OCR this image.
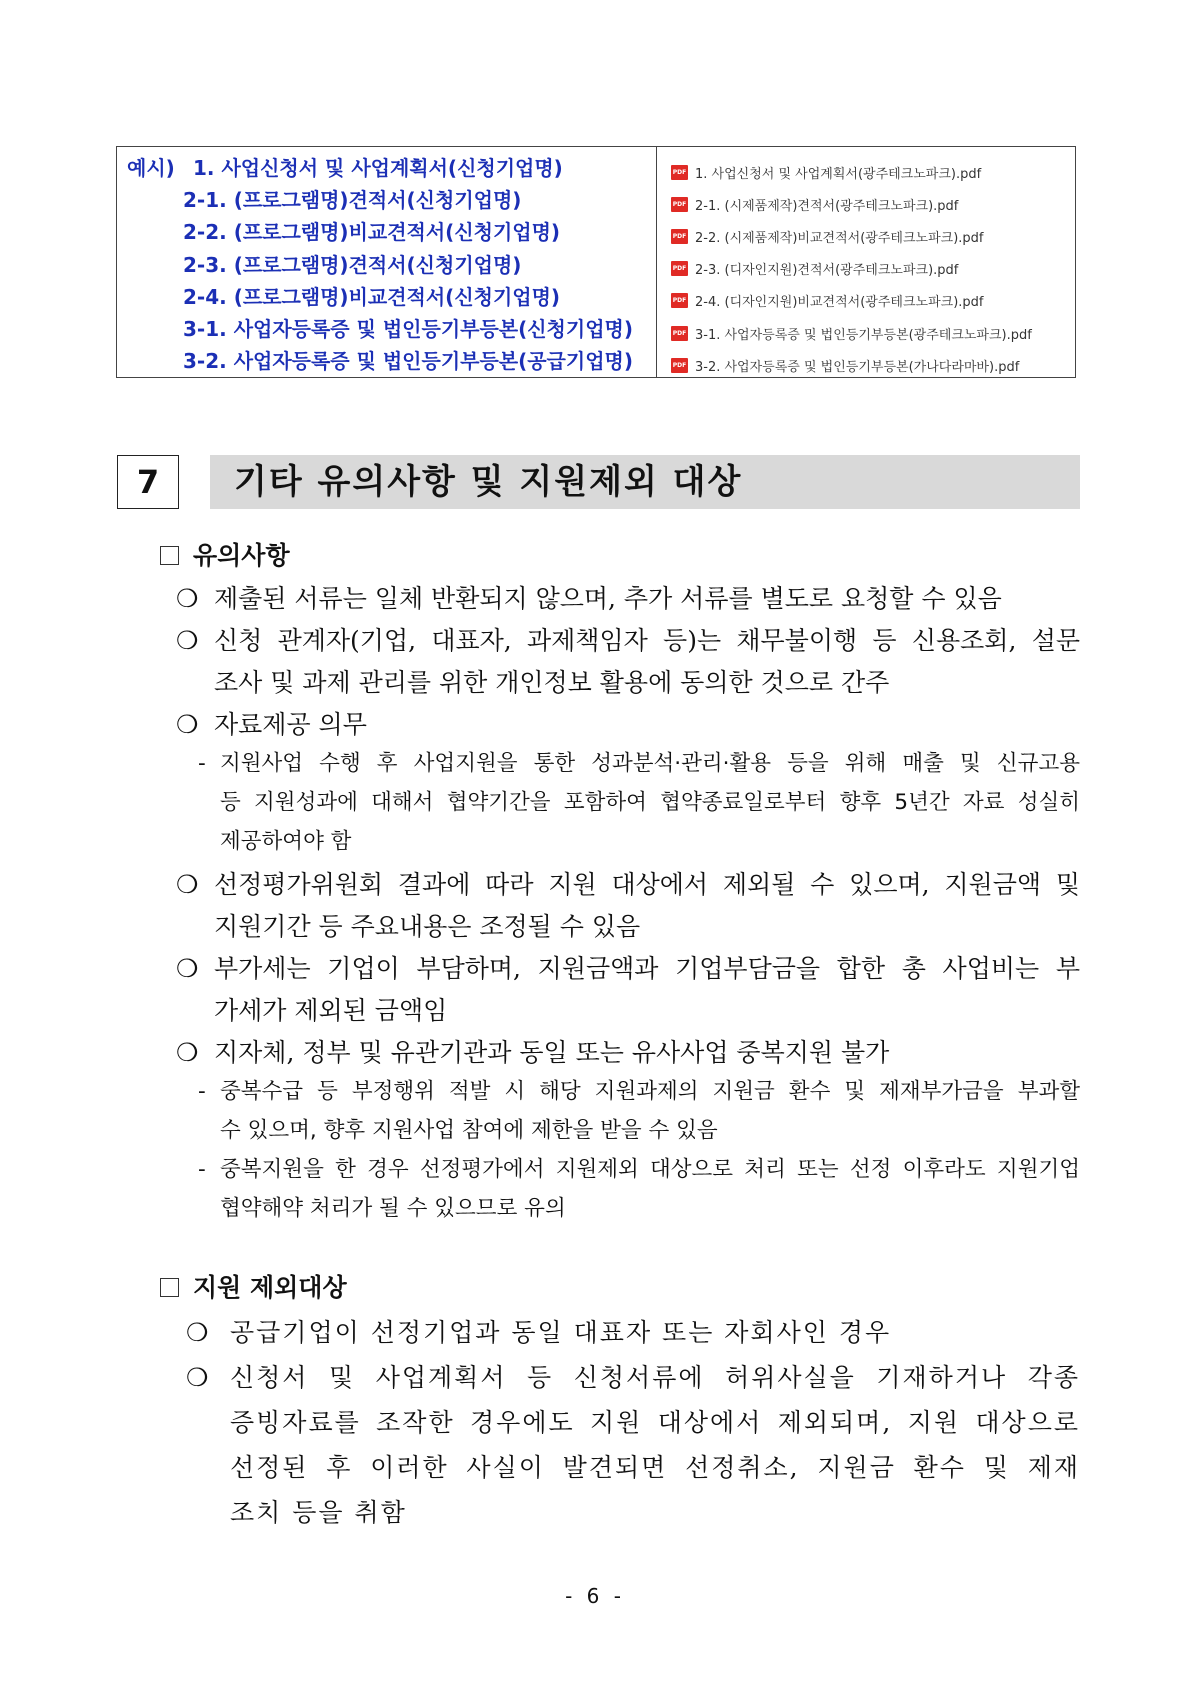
예시) 1. 사업신청서 및 사업계획서(신청기업명)
2-1. (프로그램명)견적서(신청기업명)
2-2. (프로그램명)비교견적서(신청기업명)
2-3. (프로그램명)견적서(신청기업명)
2-4. (프로그램명)비교견적서(신청기업명)
3-1. 사업자등록증 및 법인등기부등본(신청기업명)
3-2. 사업자등록증 및 법인등기부등본(공급기업명)
PDF 1. 사업신청서 및 사업계획서(광주테크노파크).pdf
PDF 2-1. (시제품제작)견적서(광주테크노파크).pdf
PDF 2-2. (시제품제작)비교견적서(광주테크노파크).pdf
PDF 2-3. (디자인지원)견적서(광주테크노파크).pdf
PDF 2-4. (디자인지원)비교견적서(광주테크노파크).pdf
PDF 3-1. 사업자등록증 및 법인등기부등본(광주테크노파크).pdf
PDF 3-2. 사업자등록증 및 법인등기부등본(가나다라마바).pdf
7	기타 유의사항 및 지원제외 대상
유의사항
❍ 제출된 서류는 일체 반환되지 않으며, 추가 서류를 별도로 요청할 수 있음
❍ 신청 관계자(기업, 대표자, 과제책임자 등)는 채무불이행 등 신용조회, 설문
조사 및 과제 관리를 위한 개인정보 활용에 동의한 것으로 간주
❍ 자료제공 의무
- 지원사업 수행 후 사업지원을 통한 성과분석·관리·활용 등을 위해 매출 및 신규고용
등 지원성과에 대해서 협약기간을 포함하여 협약종료일로부터 향후 5년간 자료 성실히
제공하여야 함
❍ 선정평가위원회 결과에 따라 지원 대상에서 제외될 수 있으며, 지원금액 및
지원기간 등 주요내용은 조정될 수 있음
❍ 부가세는 기업이 부담하며, 지원금액과 기업부담금을 합한 총 사업비는 부
가세가 제외된 금액임
❍ 지자체, 정부 및 유관기관과 동일 또는 유사사업 중복지원 불가
- 중복수급 등 부정행위 적발 시 해당 지원과제의 지원금 환수 및 제재부가금을 부과할
수 있으며, 향후 지원사업 참여에 제한을 받을 수 있음
- 중복지원을 한 경우 선정평가에서 지원제외 대상으로 처리 또는 선정 이후라도 지원기업
협약해약 처리가 될 수 있으므로 유의
지원 제외대상
❍ 공급기업이 선정기업과 동일 대표자 또는 자회사인 경우
❍ 신청서 및 사업계획서 등 신청서류에 허위사실을 기재하거나 각종
증빙자료를 조작한 경우에도 지원 대상에서 제외되며, 지원 대상으로
선정된 후 이러한 사실이 발견되면 선정취소, 지원금 환수 및 제재
조치 등을 취함
- 6 -
